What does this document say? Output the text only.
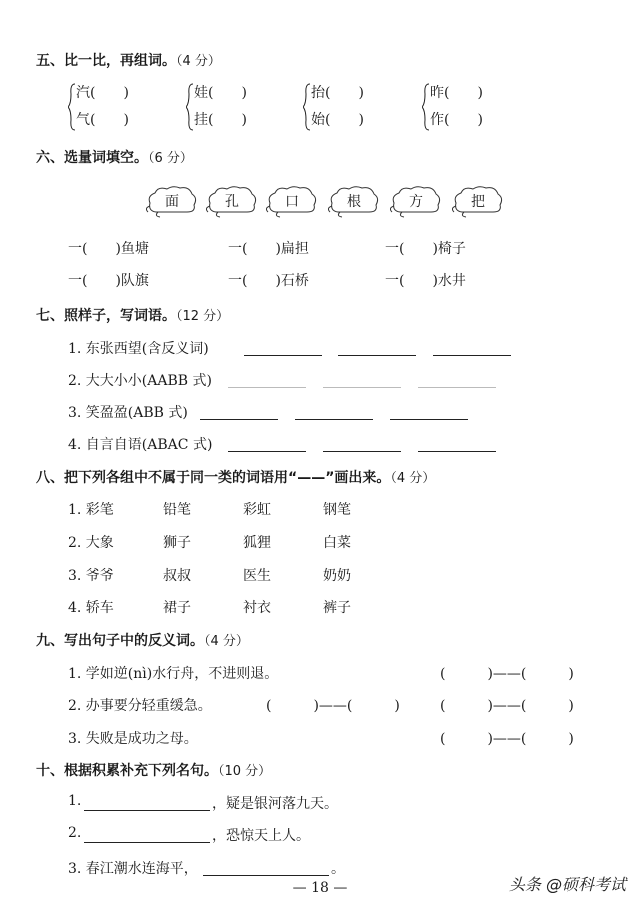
五、比一比，再组词。（4 分）
汽(　　)
气(　　)
娃(　　)
挂(　　)
抬(　　)
始(　　)
昨(　　)
作(　　)
六、选量词填空。（6 分）
面	孔	口	根	方	把
一(　　)鱼塘	一(　　)扁担	一(　　)椅子
一(　　)队旗	一(　　)石桥	一(　　)水井
七、照样子，写词语。（12 分）
1. 东张西望(含反义词)
2. 大大小小(AABB 式)
3. 笑盈盈(ABB 式)
4. 自言自语(ABAC 式)
八、把下列各组中不属于同一类的词语用“——”画出来。（4 分）
1. 彩笔	铅笔	彩虹	钢笔
2. 大象	狮子	狐狸	白菜
3. 爷爷	叔叔	医生	奶奶
4. 轿车	裙子	衬衣	裤子
九、写出句子中的反义词。（4 分）
1. 学如逆(nì)水行舟，不进则退。	(　　　)——(　　　)
2. 办事要分轻重缓急。	(　　　)——(　　　)	(　　　)——(　　　)
3. 失败是成功之母。	(　　　)——(　　　)
十、根据积累补充下列名句。（10 分）
1.	，疑是银河落九天。
2.	，恐惊天上人。
3. 春江潮水连海平，	。
— 18 —	头条 @硕科考试
